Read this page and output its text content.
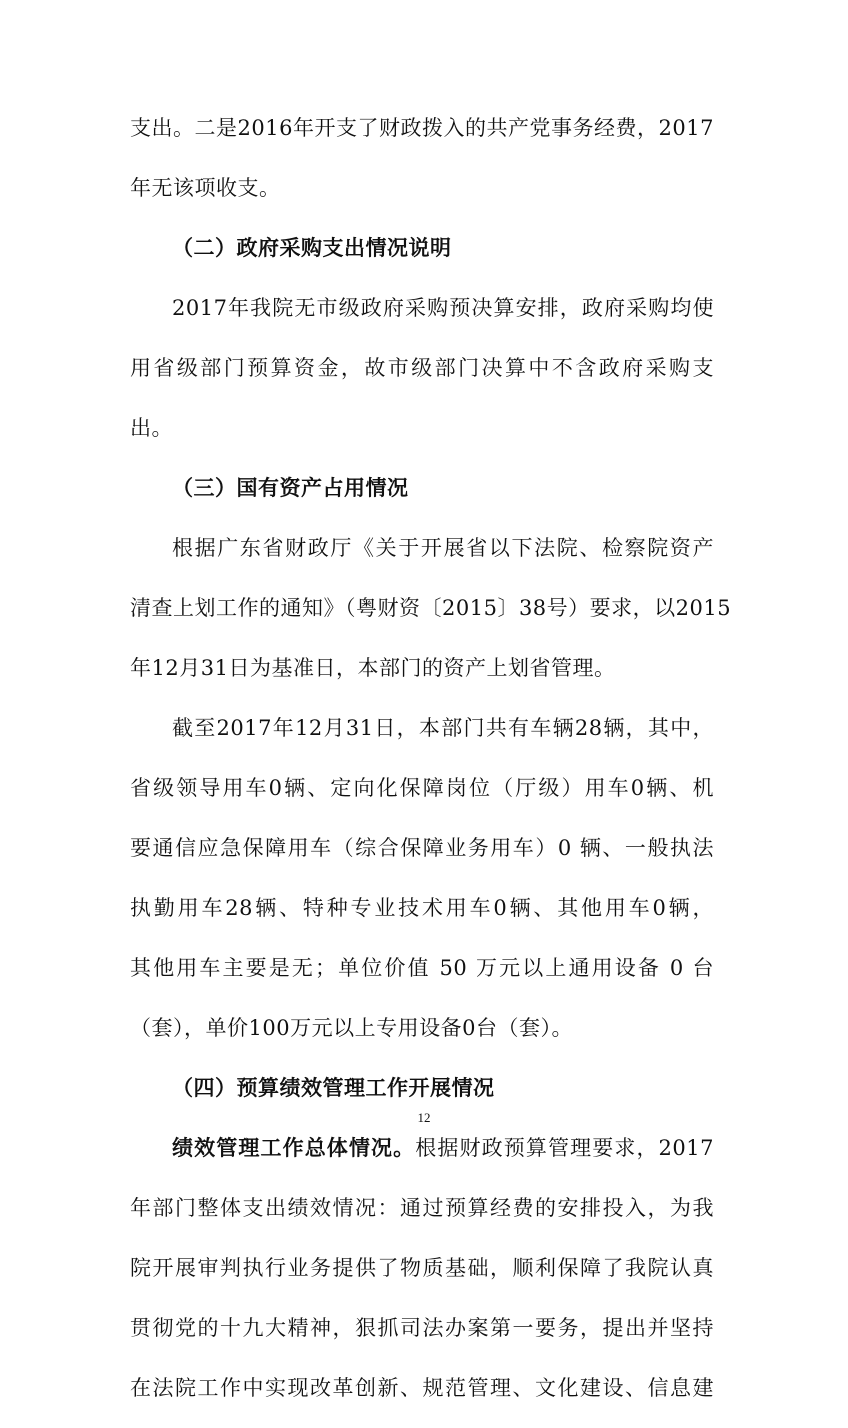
支出。二是2016年开支了财政拨入的共产党事务经费，2017
年无该项收支。
（二）政府采购支出情况说明
2017年我院无市级政府采购预决算安排，政府采购均使
用省级部门预算资金，故市级部门决算中不含政府采购支
出。
（三）国有资产占用情况
根据广东省财政厅《关于开展省以下法院、检察院资产
清查上划工作的通知》（粤财资〔2015〕38号）要求，以2015
年12月31日为基准日，本部门的资产上划省管理。
截至2017年12月31日，本部门共有车辆28辆，其中，
省级领导用车0辆、定向化保障岗位（厅级）用车0辆、机
要通信应急保障用车（综合保障业务用车）0 辆、一般执法
执勤用车28辆、特种专业技术用车0辆、其他用车0辆，
其他用车主要是无；单位价值 50 万元以上通用设备 0 台
（套），单价100万元以上专用设备0台（套）。
（四）预算绩效管理工作开展情况
绩效管理工作总体情况。根据财政预算管理要求，2017
年部门整体支出绩效情况：通过预算经费的安排投入，为我
院开展审判执行业务提供了物质基础，顺利保障了我院认真
贯彻党的十九大精神，狠抓司法办案第一要务，提出并坚持
在法院工作中实现改革创新、规范管理、文化建设、信息建
12
